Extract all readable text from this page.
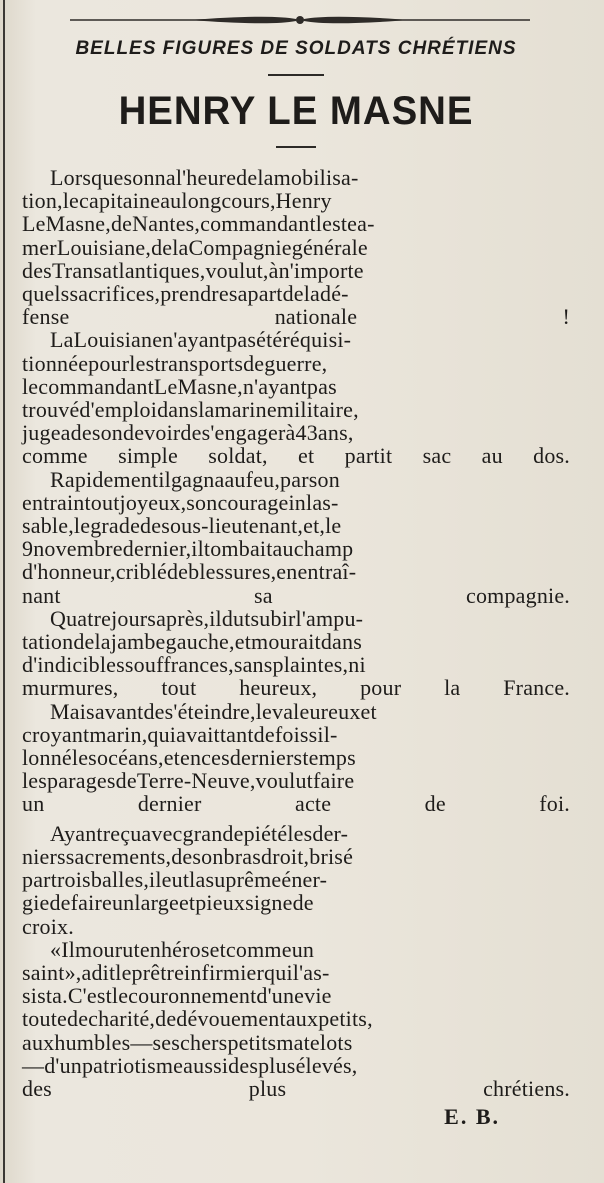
BELLES FIGURES DE SOLDATS CHRÉTIENS
HENRY LE MASNE

Lorsquesonnal'heuredelamobilisa-
tion,lecapitaineaulongcours,Henry
LeMasne,deNantes,commandantlestea-
merLouisiane,delaCompagniegénérale
desTransatlantiques,voulut,àn'importe
quelssacrifices,prendresapartdeladé-
fense nationale !

LaLouisianen'ayantpasétéréquisi-
tionnéepourlestransportsdeguerre,
lecommandantLeMasne,n'ayantpas
trouvéd'emploidanslamarinemilitaire,
jugeadesondevoirdes'engagerà43ans,
comme simple soldat, et partit sac au dos.

Rapidementilgagnaaufeu,parson
entraintoutjoyeux,soncourageinlas-
sable,legradedesous-lieutenant,et,le
9novembredernier,iltombaitauchamp
d'honneur,criblédeblessures,enentraî-
nant sa compagnie.

Quatrejoursaprès,ildutsubirl'ampu-
tationdelajambegauche,etmouraitdans
d'indiciblessouffrances,sansplaintes,ni
murmures, tout heureux, pour la France.

Maisavantdes'éteindre,levaleureuxet
croyantmarin,quiavaittantdefoissil-
lonnélesocéans,etencesdernierstemps
lesparagesdeTerre-Neuve,voulutfaire
un dernier acte de foi.

Ayantreçuavecgrandepiétélesder-
nierssacrements,desonbrasdroit,brisé
partroisballes,ileutlasuprêmeéner-
giedefaireunlargeetpieuxsignede
croix.

«Ilmourutenhérosetcommeun
saint»,aditleprêtreinfirmierquil'as-
sista.C'estlecouronnementd'unevie
toutedecharité,dedévouementauxpetits,
auxhumbles—sescherspetitsmatelots
—d'unpatriotismeaussidesplusélevés,
des plus chrétiens.

E. B.
